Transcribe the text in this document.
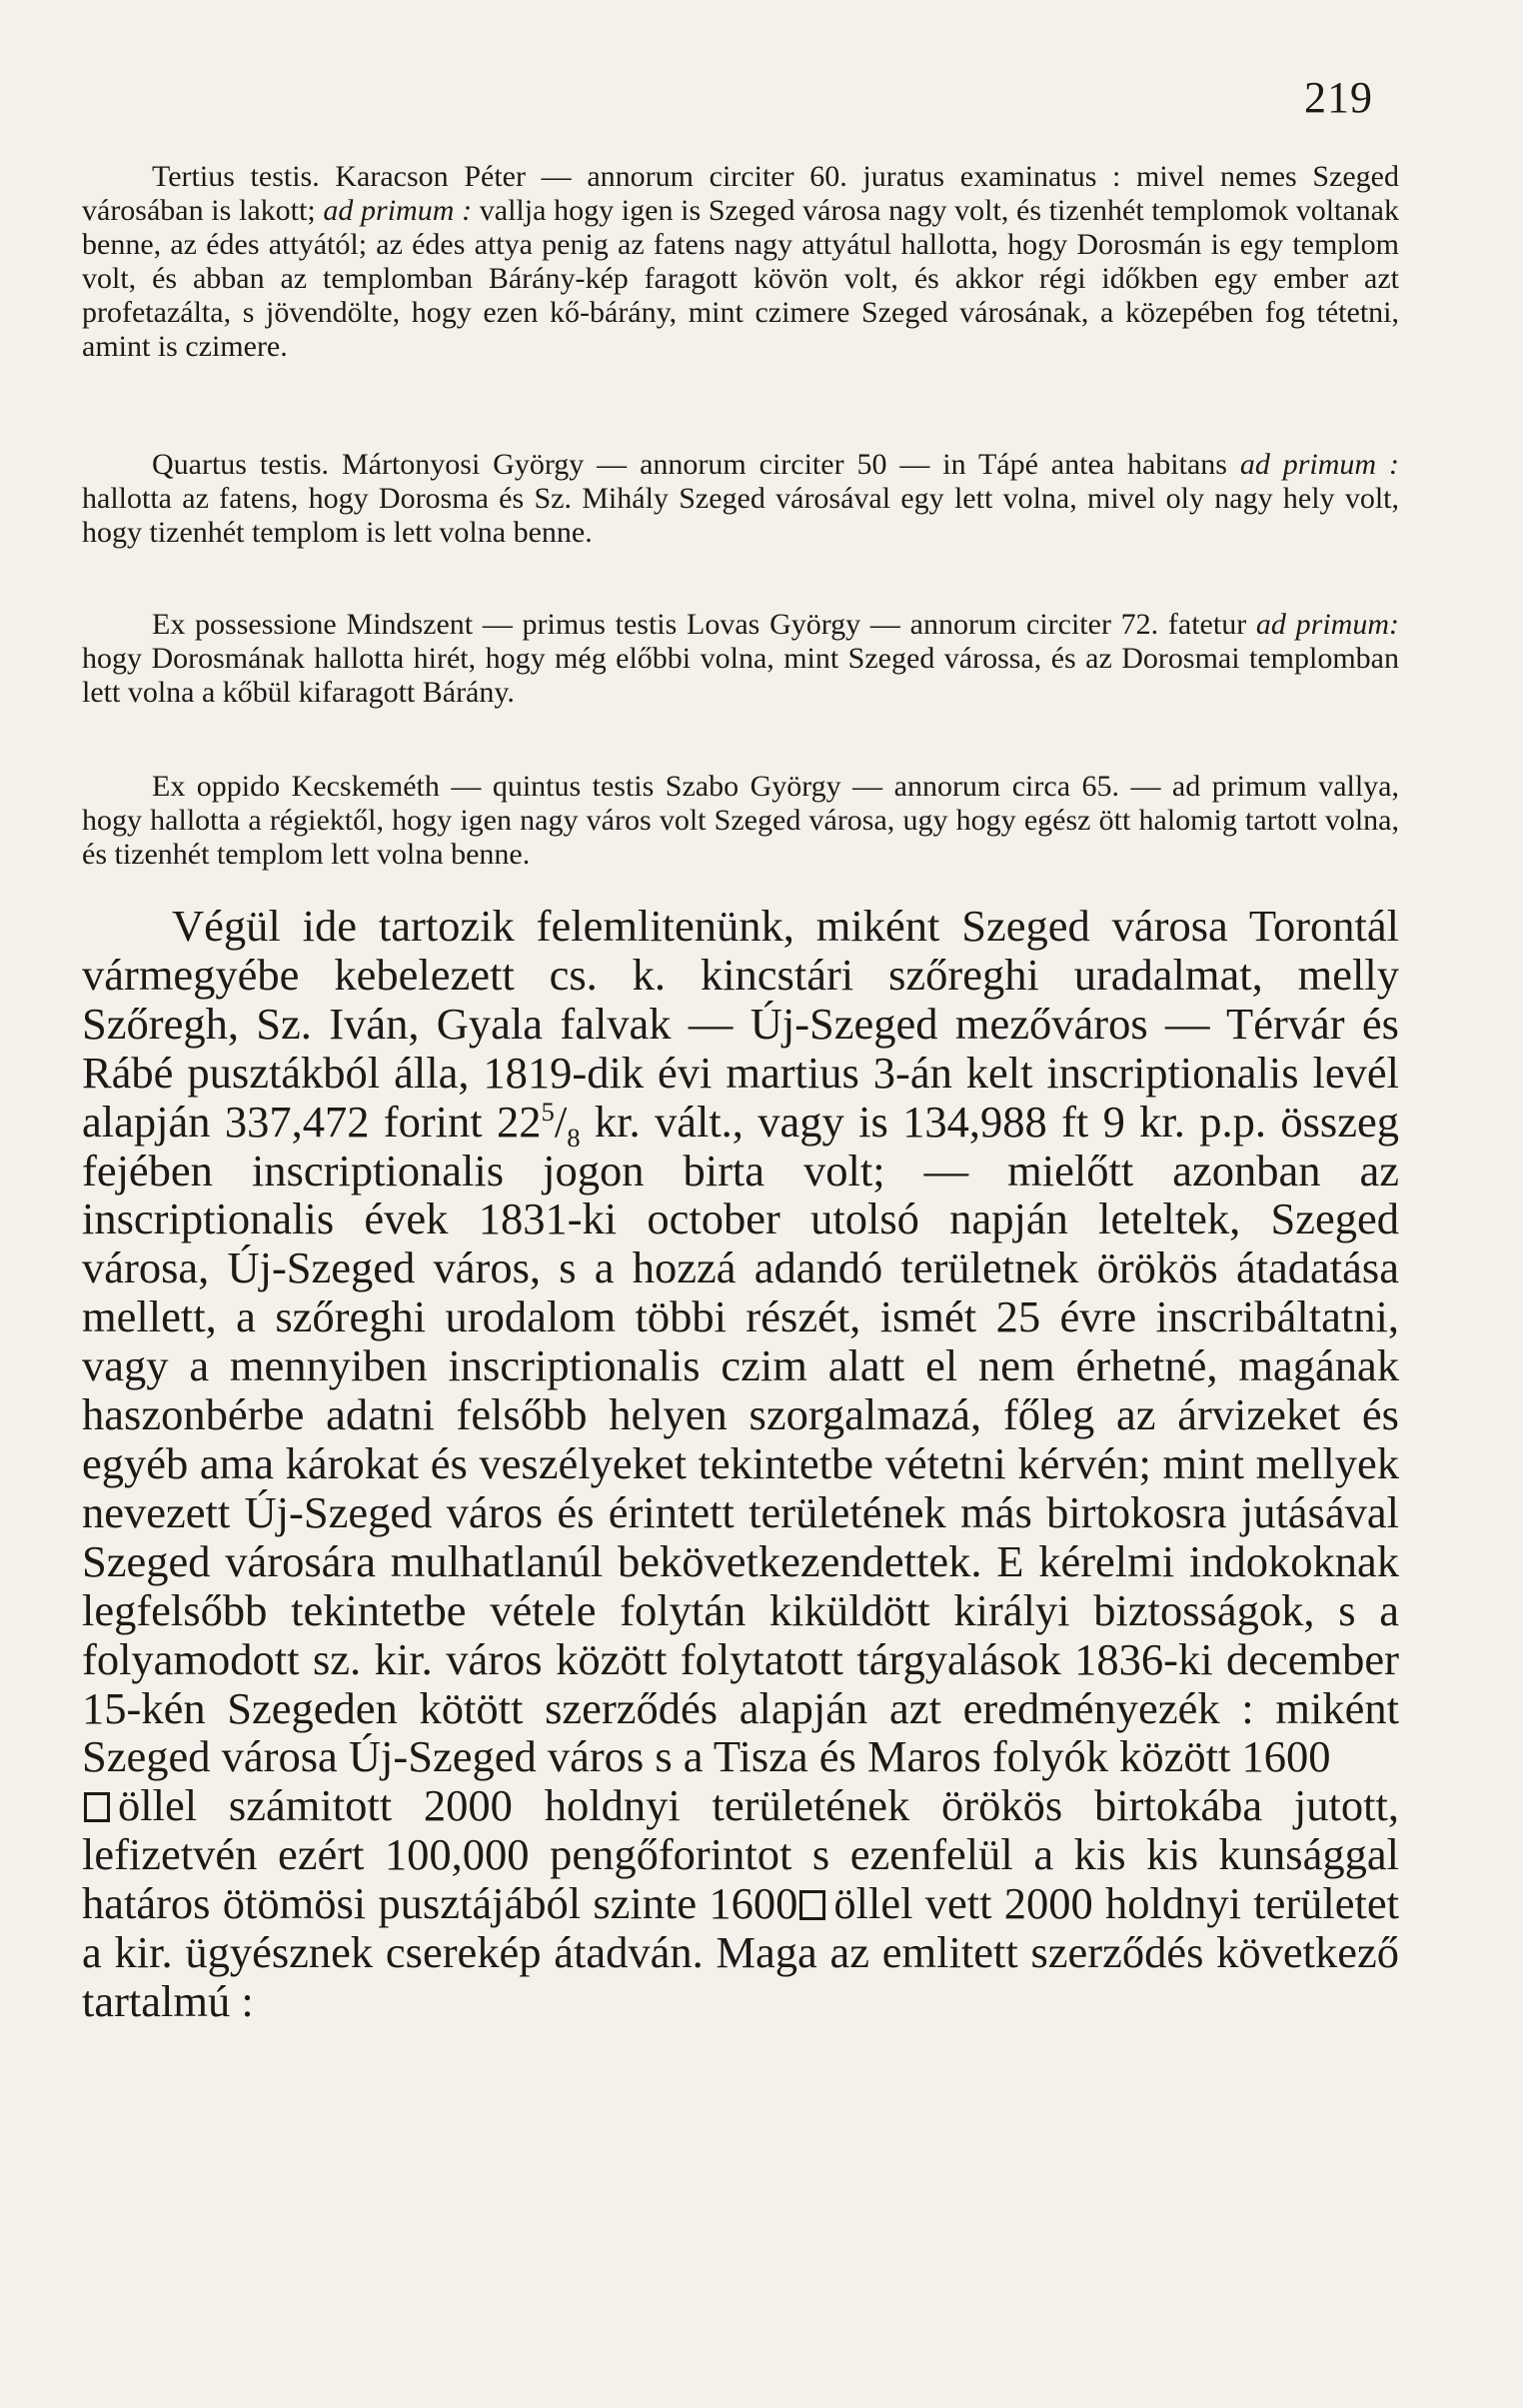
219

Tertius testis. Karacson Péter — annorum circiter 60. juratus examinatus : mivel nemes Szeged városában is lakott; ad primum : vallja hogy igen is Szeged városa nagy volt, és tizenhét templomok voltanak benne, az édes attyától; az édes attya penig az fatens nagy attyátul hallotta, hogy Dorosmán is egy templom volt, és abban az templomban Bárány-kép faragott kövön volt, és akkor régi időkben egy ember azt profetazálta, s jövendölte, hogy ezen kő-bárány, mint czimere Szeged városának, a közepében fog tétetni, amint is czimere.

Quartus testis. Mártonyosi György — annorum circiter 50 — in Tápé antea habitans ad primum : hallotta az fatens, hogy Dorosma és Sz. Mihály Szeged városával egy lett volna, mivel oly nagy hely volt, hogy tizenhét templom is lett volna benne.

Ex possessione Mindszent — primus testis Lovas György — annorum circiter 72. fatetur ad primum: hogy Dorosmának hallotta hirét, hogy még előbbi volna, mint Szeged várossa, és az Dorosmai templomban lett volna a kőbül kifaragott Bárány.

Ex oppido Kecskeméth — quintus testis Szabo György — annorum circa 65. — ad primum vallya, hogy hallotta a régiektől, hogy igen nagy város volt Szeged városa, ugy hogy egész ött halomig tartott volna, és tizenhét templom lett volna benne.

Végül ide tartozik felemlitenünk, miként Szeged városa Torontál vármegyébe kebelezett cs. k. kincstári szőreghi uradalmat, melly Szőregh, Sz. Iván, Gyala falvak — Új-Szeged mezőváros — Térvár és Rábé pusztákból álla, 1819-dik évi martius 3-án kelt inscriptionalis levél alapján 337,472 forint $22^5/_8$ kr. vált., vagy is 134,988 ft 9 kr. p.p. összeg fejében inscriptionalis jogon birta volt; — mielőtt azonban az inscriptionalis évek 1831-ki october utolsó napján leteltek, Szeged városa, Új-Szeged város, s a hozzá adandó területnek örökös átadatása mellett, a szőreghi urodalom többi részét, ismét 25 évre inscribáltatni, vagy a mennyiben inscriptionalis czim alatt el nem érhetné, magának haszonbérbe adatni felsőbb helyen szorgalmazá, főleg az árvizeket és egyéb ama károkat és veszélyeket tekintetbe vétetni kérvén; mint mellyek nevezett Új-Szeged város és érintett területének más birtokosra jutásával Szeged városára mulhatlanúl bekövetkezendettek. E kérelmi indokoknak legfelsőbb tekintetbe vétele folytán kiküldött királyi biztosságok, s a folyamodott sz. kir. város között folytatott tárgyalások 1836-ki december 15-kén Szegeden kötött szerződés alapján azt eredményezék : miként Szeged városa Új-Szeged város s a Tisza és Maros folyók között 1600
öllel számitott 2000 holdnyi területének örökös birtokába jutott, lefizetvén ezért 100,000 pengőforintot s ezenfelül a kis kis kunsággal határos ötömösi pusztájából szinte 1600 öllel vett 2000 holdnyi területet a kir. ügyésznek cserekép átadván. Maga az emlitett szerződés következő tartalmú :
